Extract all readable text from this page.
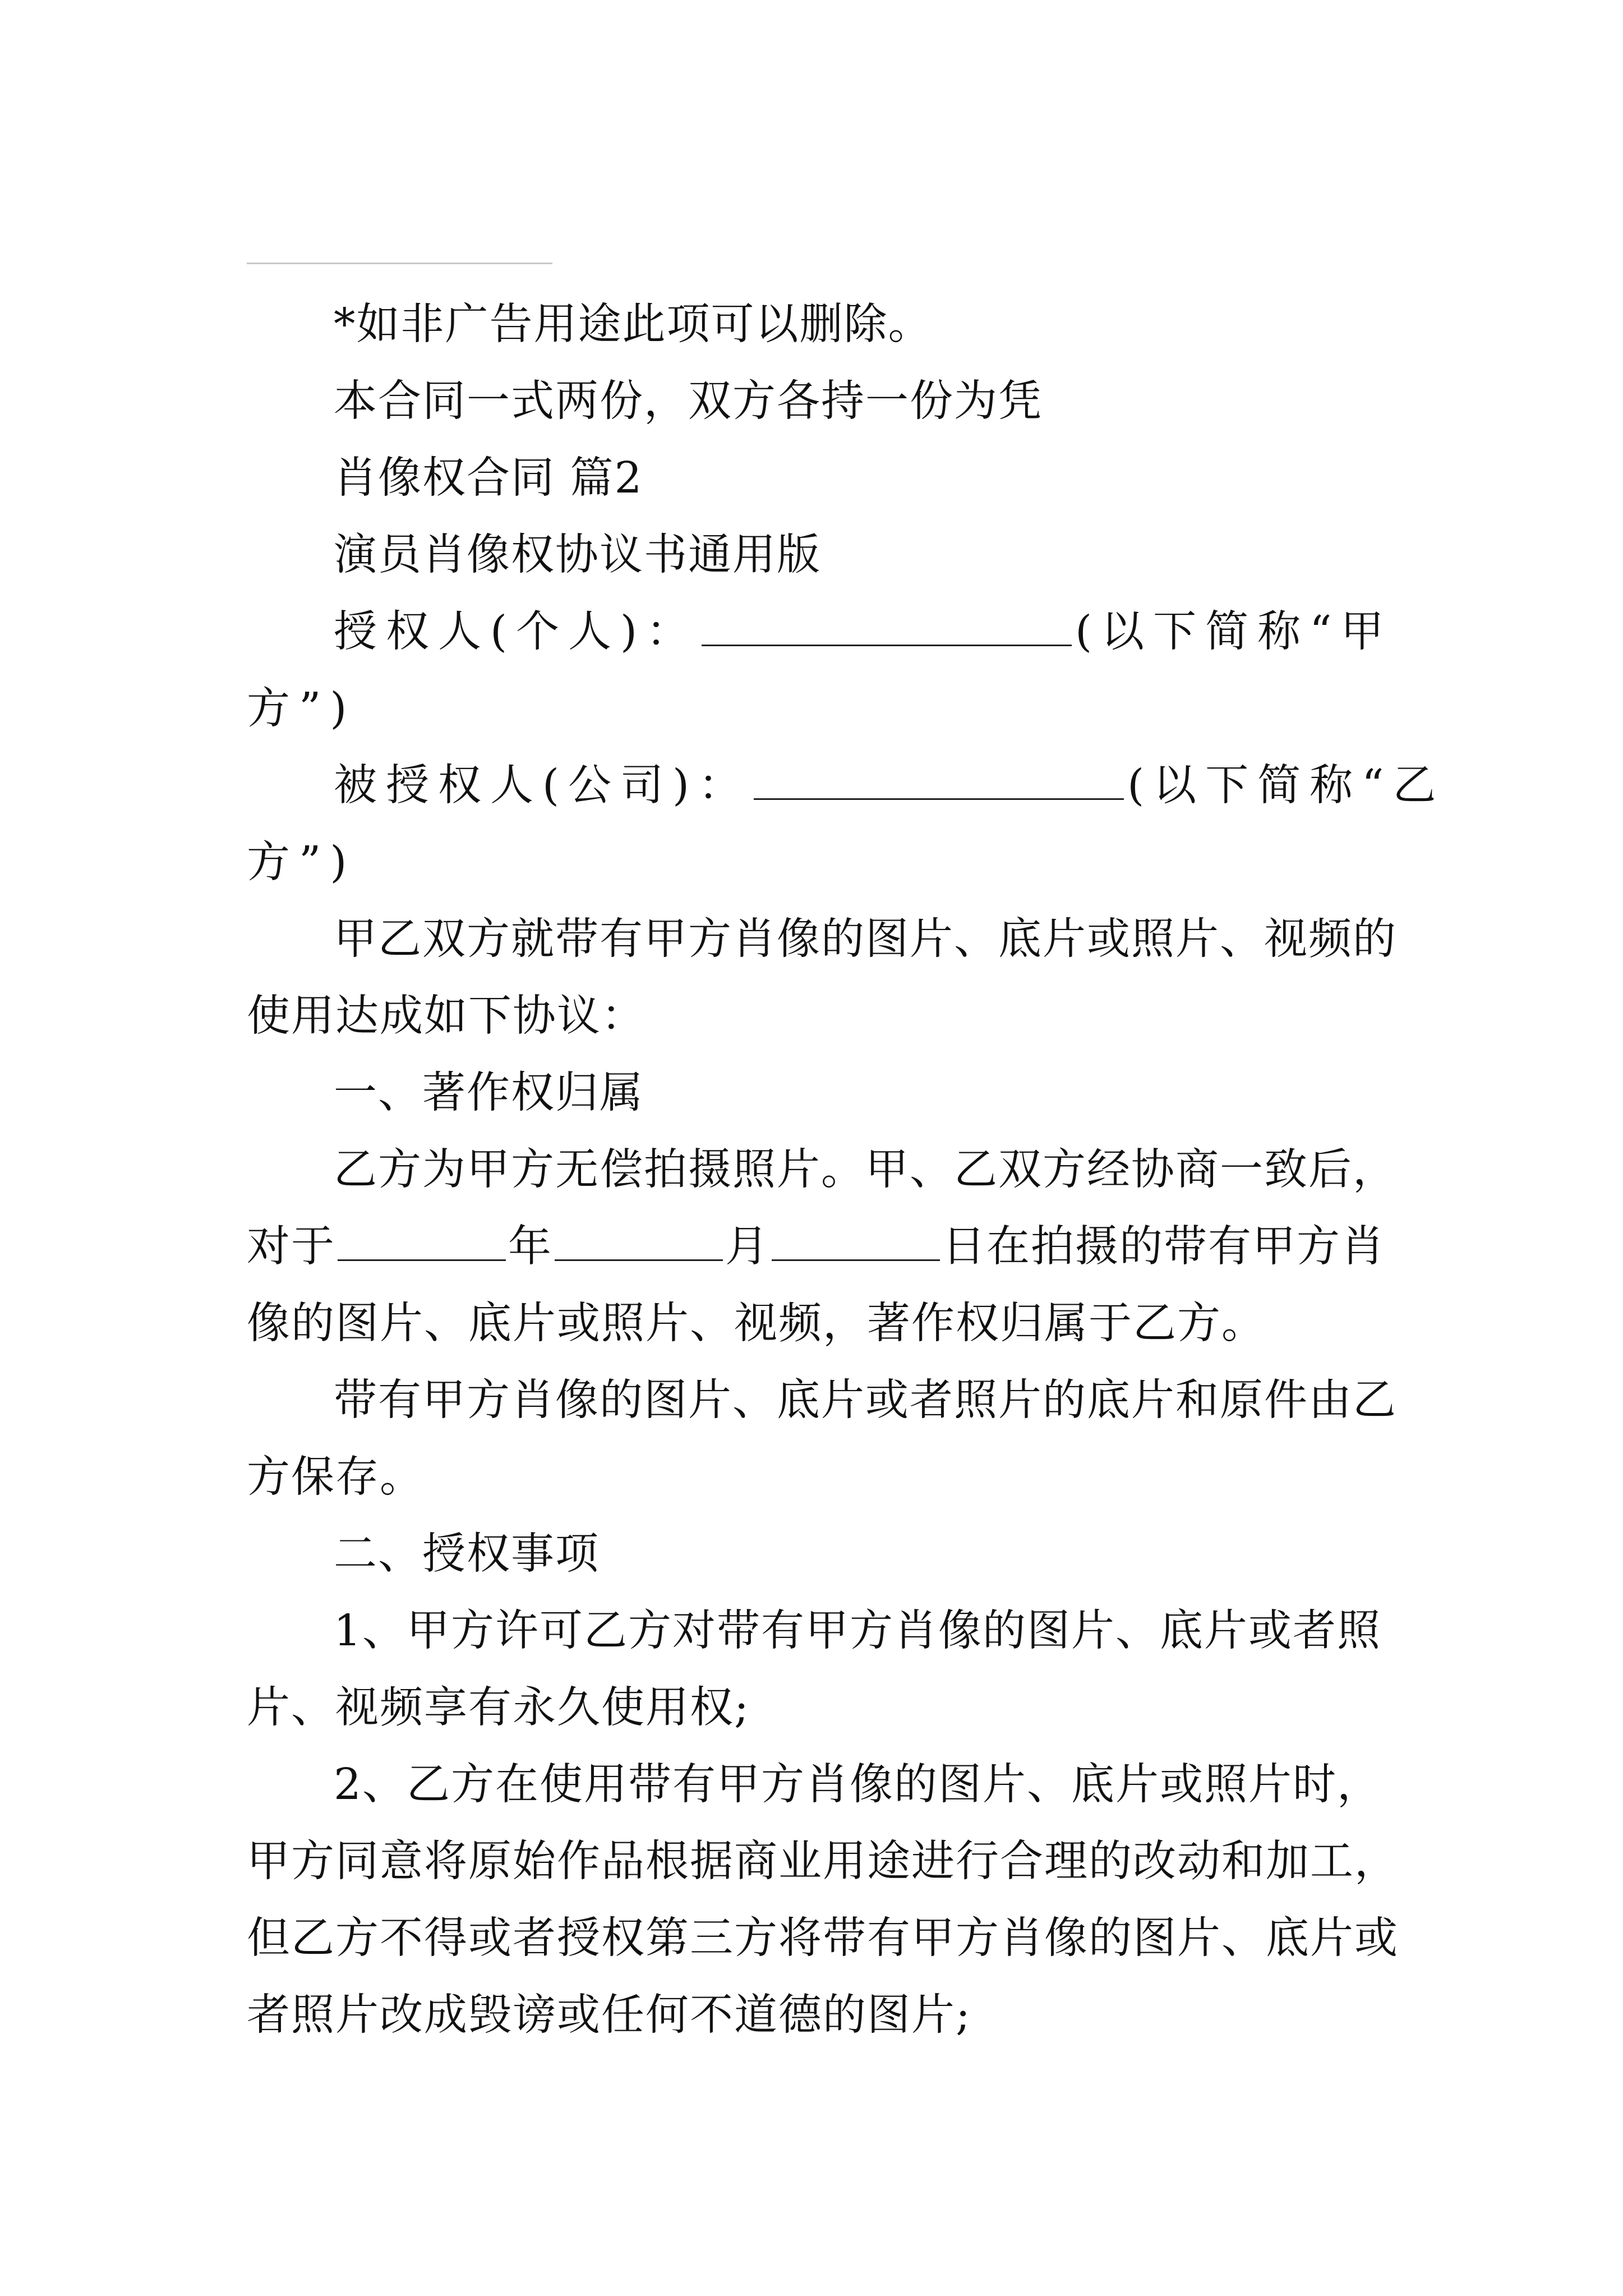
*如非广告用途此项可以删除。
本合同一式两份，双方各持一份为凭
肖像权合同 篇2
演员肖像权协议书通用版
授权人(个人)：	(以下简称“甲
方”)
被授权人(公司)：	(以下简称“乙
方”)
甲乙双方就带有甲方肖像的图片、底片或照片、视频的
使用达成如下协议：
一、著作权归属
乙方为甲方无偿拍摄照片。甲、乙双方经协商一致后，
对于	年	月	日在拍摄的带有甲方肖
像的图片、底片或照片、视频，著作权归属于乙方。
带有甲方肖像的图片、底片或者照片的底片和原件由乙
方保存。
二、授权事项
1、甲方许可乙方对带有甲方肖像的图片、底片或者照
片、视频享有永久使用权;
2、乙方在使用带有甲方肖像的图片、底片或照片时，
甲方同意将原始作品根据商业用途进行合理的改动和加工，
但乙方不得或者授权第三方将带有甲方肖像的图片、底片或
者照片改成毁谤或任何不道德的图片;
